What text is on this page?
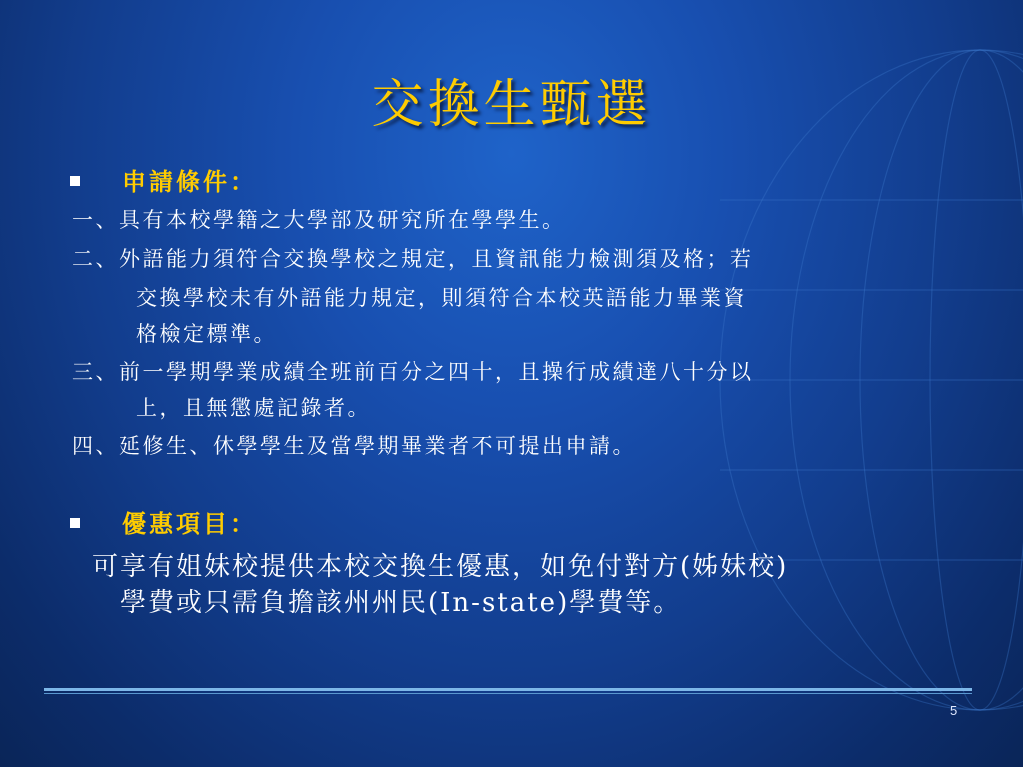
交換生甄選
申請條件：
一、具有本校學籍之大學部及研究所在學學生。
二、外語能力須符合交換學校之規定，且資訊能力檢測須及格；若
交換學校未有外語能力規定，則須符合本校英語能力畢業資
格檢定標準。
三、前一學期學業成績全班前百分之四十，且操行成績達八十分以
上，且無懲處記錄者。
四、延修生、休學學生及當學期畢業者不可提出申請。
優惠項目：
可享有姐妹校提供本校交換生優惠，如免付對方(姊妹校)
學費或只需負擔該州州民(In-state)學費等。
5
